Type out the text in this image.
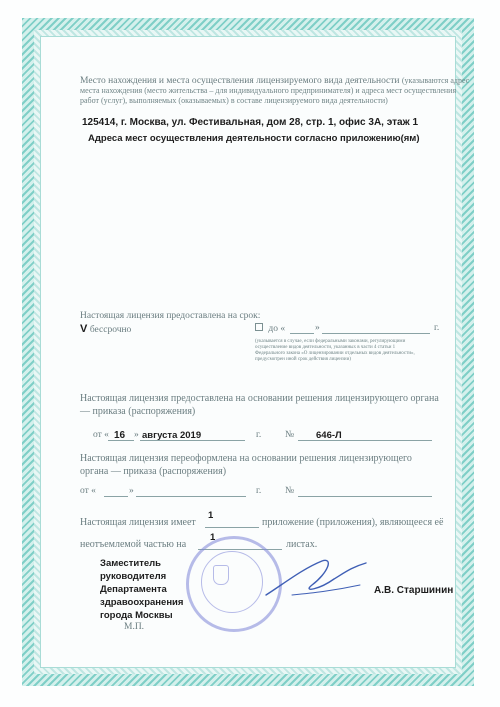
Место нахождения и места осуществления лицензируемого вида деятельности (указываются адрес места нахождения (место жительства – для индивидуального предпринимателя) и адреса мест осуществления работ (услуг), выполняемых (оказываемых) в составе лицензируемого вида деятельности)
125414, г. Москва, ул. Фестивальная, дом 28, стр. 1, офис 3А, этаж 1
Адреса мест осуществления деятельности согласно приложению(ям)
Настоящая лицензия предоставлена на срок:
V бессрочно	до «	»	г.
(указывается в случае, если федеральными законами, регулирующими осуществление видов деятельности, указанных в части 4 статьи 1 Федерального закона «О лицензировании отдельных видов деятельности», предусмотрен иной срок действия лицензии)
Настоящая лицензия предоставлена на основании решения лицензирующего органа — приказа (распоряжения)
от « 16 » августа 2019	г.	№ 646-Л
Настоящая лицензия переоформлена на основании решения лицензирующего органа — приказа (распоряжения)
от «	»	г.	№
Настоящая лицензия имеет
1
приложение (приложения), являющееся её
неотъемлемой частью на
1
листах.
Заместитель руководителя Департамента здравоохранения города Москвы
А.В. Старшинин
М.П.
